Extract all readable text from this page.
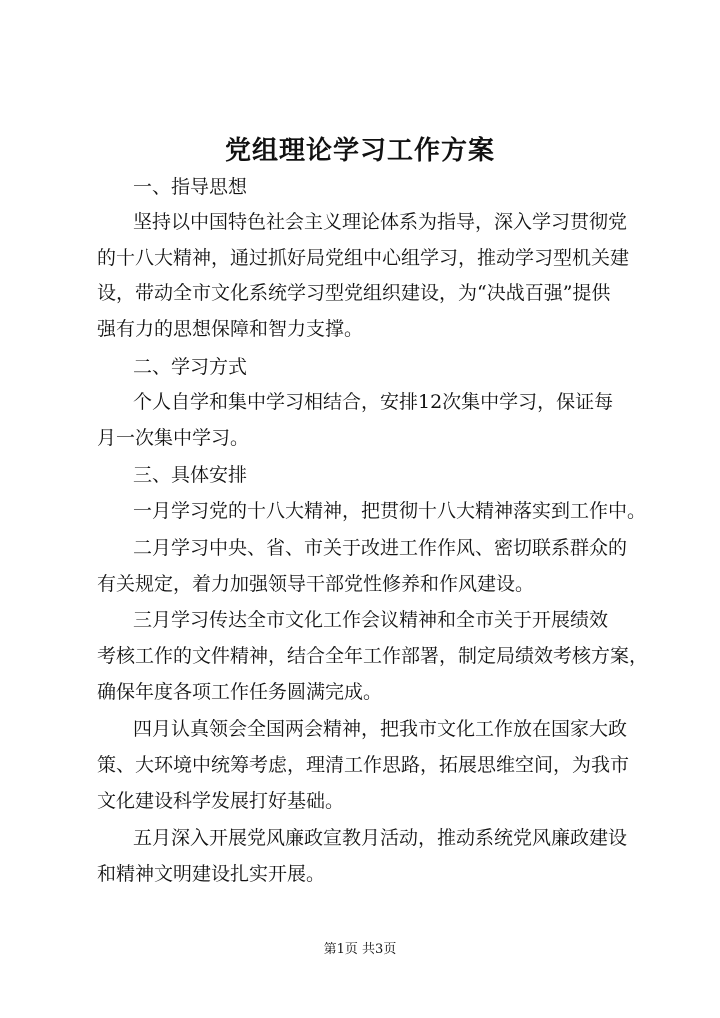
党组理论学习工作方案
一、指导思想
坚持以中国特色社会主义理论体系为指导，深入学习贯彻党
的十八大精神，通过抓好局党组中心组学习，推动学习型机关建
设，带动全市文化系统学习型党组织建设，为“决战百强”提供
强有力的思想保障和智力支撑。
二、学习方式
个人自学和集中学习相结合，安排12次集中学习，保证每
月一次集中学习。
三、具体安排
一月学习党的十八大精神，把贯彻十八大精神落实到工作中。
二月学习中央、省、市关于改进工作作风、密切联系群众的
有关规定，着力加强领导干部党性修养和作风建设。
三月学习传达全市文化工作会议精神和全市关于开展绩效
考核工作的文件精神，结合全年工作部署，制定局绩效考核方案，
确保年度各项工作任务圆满完成。
四月认真领会全国两会精神，把我市文化工作放在国家大政
策、大环境中统筹考虑，理清工作思路，拓展思维空间，为我市
文化建设科学发展打好基础。
五月深入开展党风廉政宣教月活动，推动系统党风廉政建设
和精神文明建设扎实开展。
第1页 共3页
